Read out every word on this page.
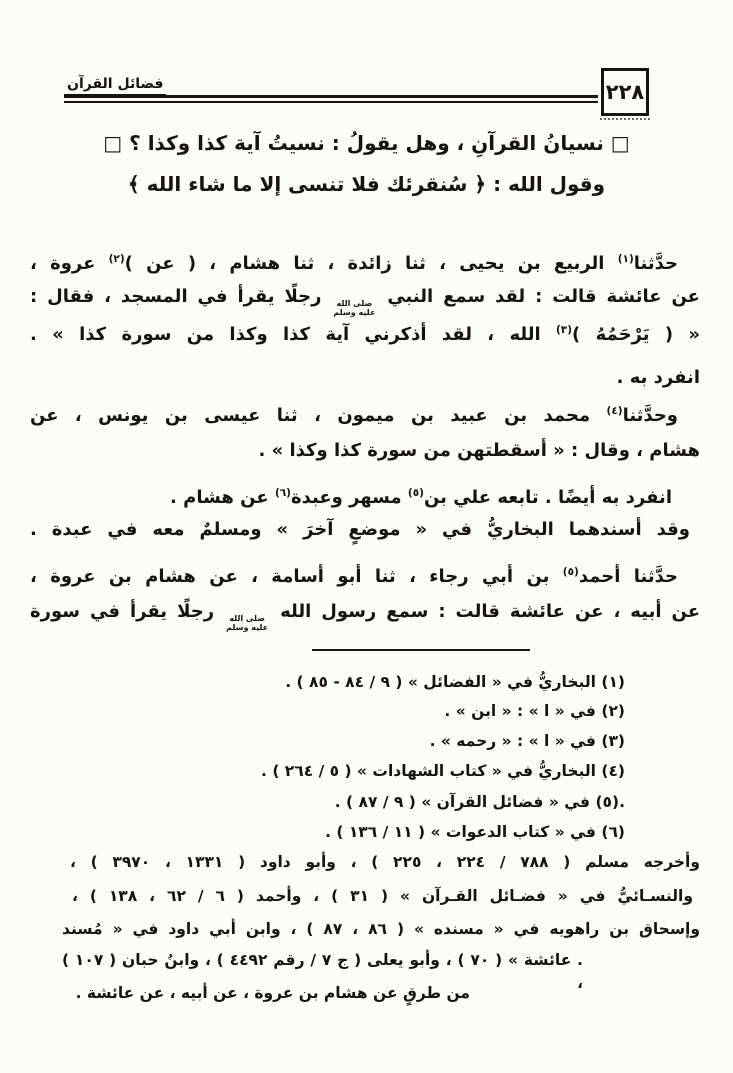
فضائل القرآن	٢٢٨
□ نسيانُ القرآنِ ، وهل يقولُ : نسيتُ آية كذا وكذا ؟ □
وقول الله : ﴿ سُنقرئك فلا تنسى إلا ما شاء الله ﴾
حدَّثنا$^{(١)}$ الربيع بن يحيى ، ثنا زائدة ، ثنا هشام ، ( عن )$^{(٢)}$ عروة ،
عن عائشة قالت : لقد سمع النبي
صلى الله
عليه وسلم
رجلًا يقرأ في المسجد ، فقال :
« ( يَرْحَمُهُ )$^{(٣)}$ الله ، لقد أذكرني آية كذا وكذا من سورة كذا » .
انفرد به .
وحدَّثنا$^{(٤)}$ محمد بن عبيد بن ميمون ، ثنا عيسى بن يونس ، عن
هشام ، وقال : « أسقطتهن من سورة كذا وكذا » .
انفرد به أيضًا . تابعه علي بن$^{(٥)}$ مسهر وعبدة$^{(٦)}$ عن هشام .
وقد أسندهما البخاريُّ في « موضعٍ آخرَ » ومسلمٌ معه في عبدة .
حدَّثنا أحمد$^{(٥)}$ بن أبي رجاء ، ثنا أبو أسامة ، عن هشام بن عروة ،
عن أبيه ، عن عائشة قالت : سمع رسول الله
صلى الله
عليه وسلم
رجلًا يقرأ في سورة
(١) البخاريُّ في « الفضائل » ( ٩ / ٨٤ - ٨٥ ) .
(٢) في « ا » : « ابن » .
(٣) في « ا » : « رحمه » .
(٤) البخاريُّ في « كتاب الشهادات » ( ٥ / ٢٦٤ ) .
.(٥) في « فضائل القرآن » ( ٩ / ٨٧ ) .
(٦) في « كتاب الدعوات » ( ١١ / ١٣٦ ) .
وأخرجه مسلم ( ٧٨٨ / ٢٢٤ ، ٢٢٥ ) ، وأبو داود ( ١٣٣١ ، ٣٩٧٠ ) ،
والنسـائيُّ في « فضـائل القـرآن » ( ٣١ ) ، وأحمد ( ٦ / ٦٢ ، ١٣٨ ) ،
وإسحاق بن راهويه في « مسنده » ( ٨٦ ، ٨٧ ) ، وابن أبي داود في « مُسند
. عائشة » ( ٧٠ ) ، وأبو يعلى ( ج ٧ / رقم ٤٤٩٢ ) ، وابنُ حبان ( ١٠٧ ) ،
من طرقٍ عن هشام بن عروة ، عن أبيه ، عن عائشة .
